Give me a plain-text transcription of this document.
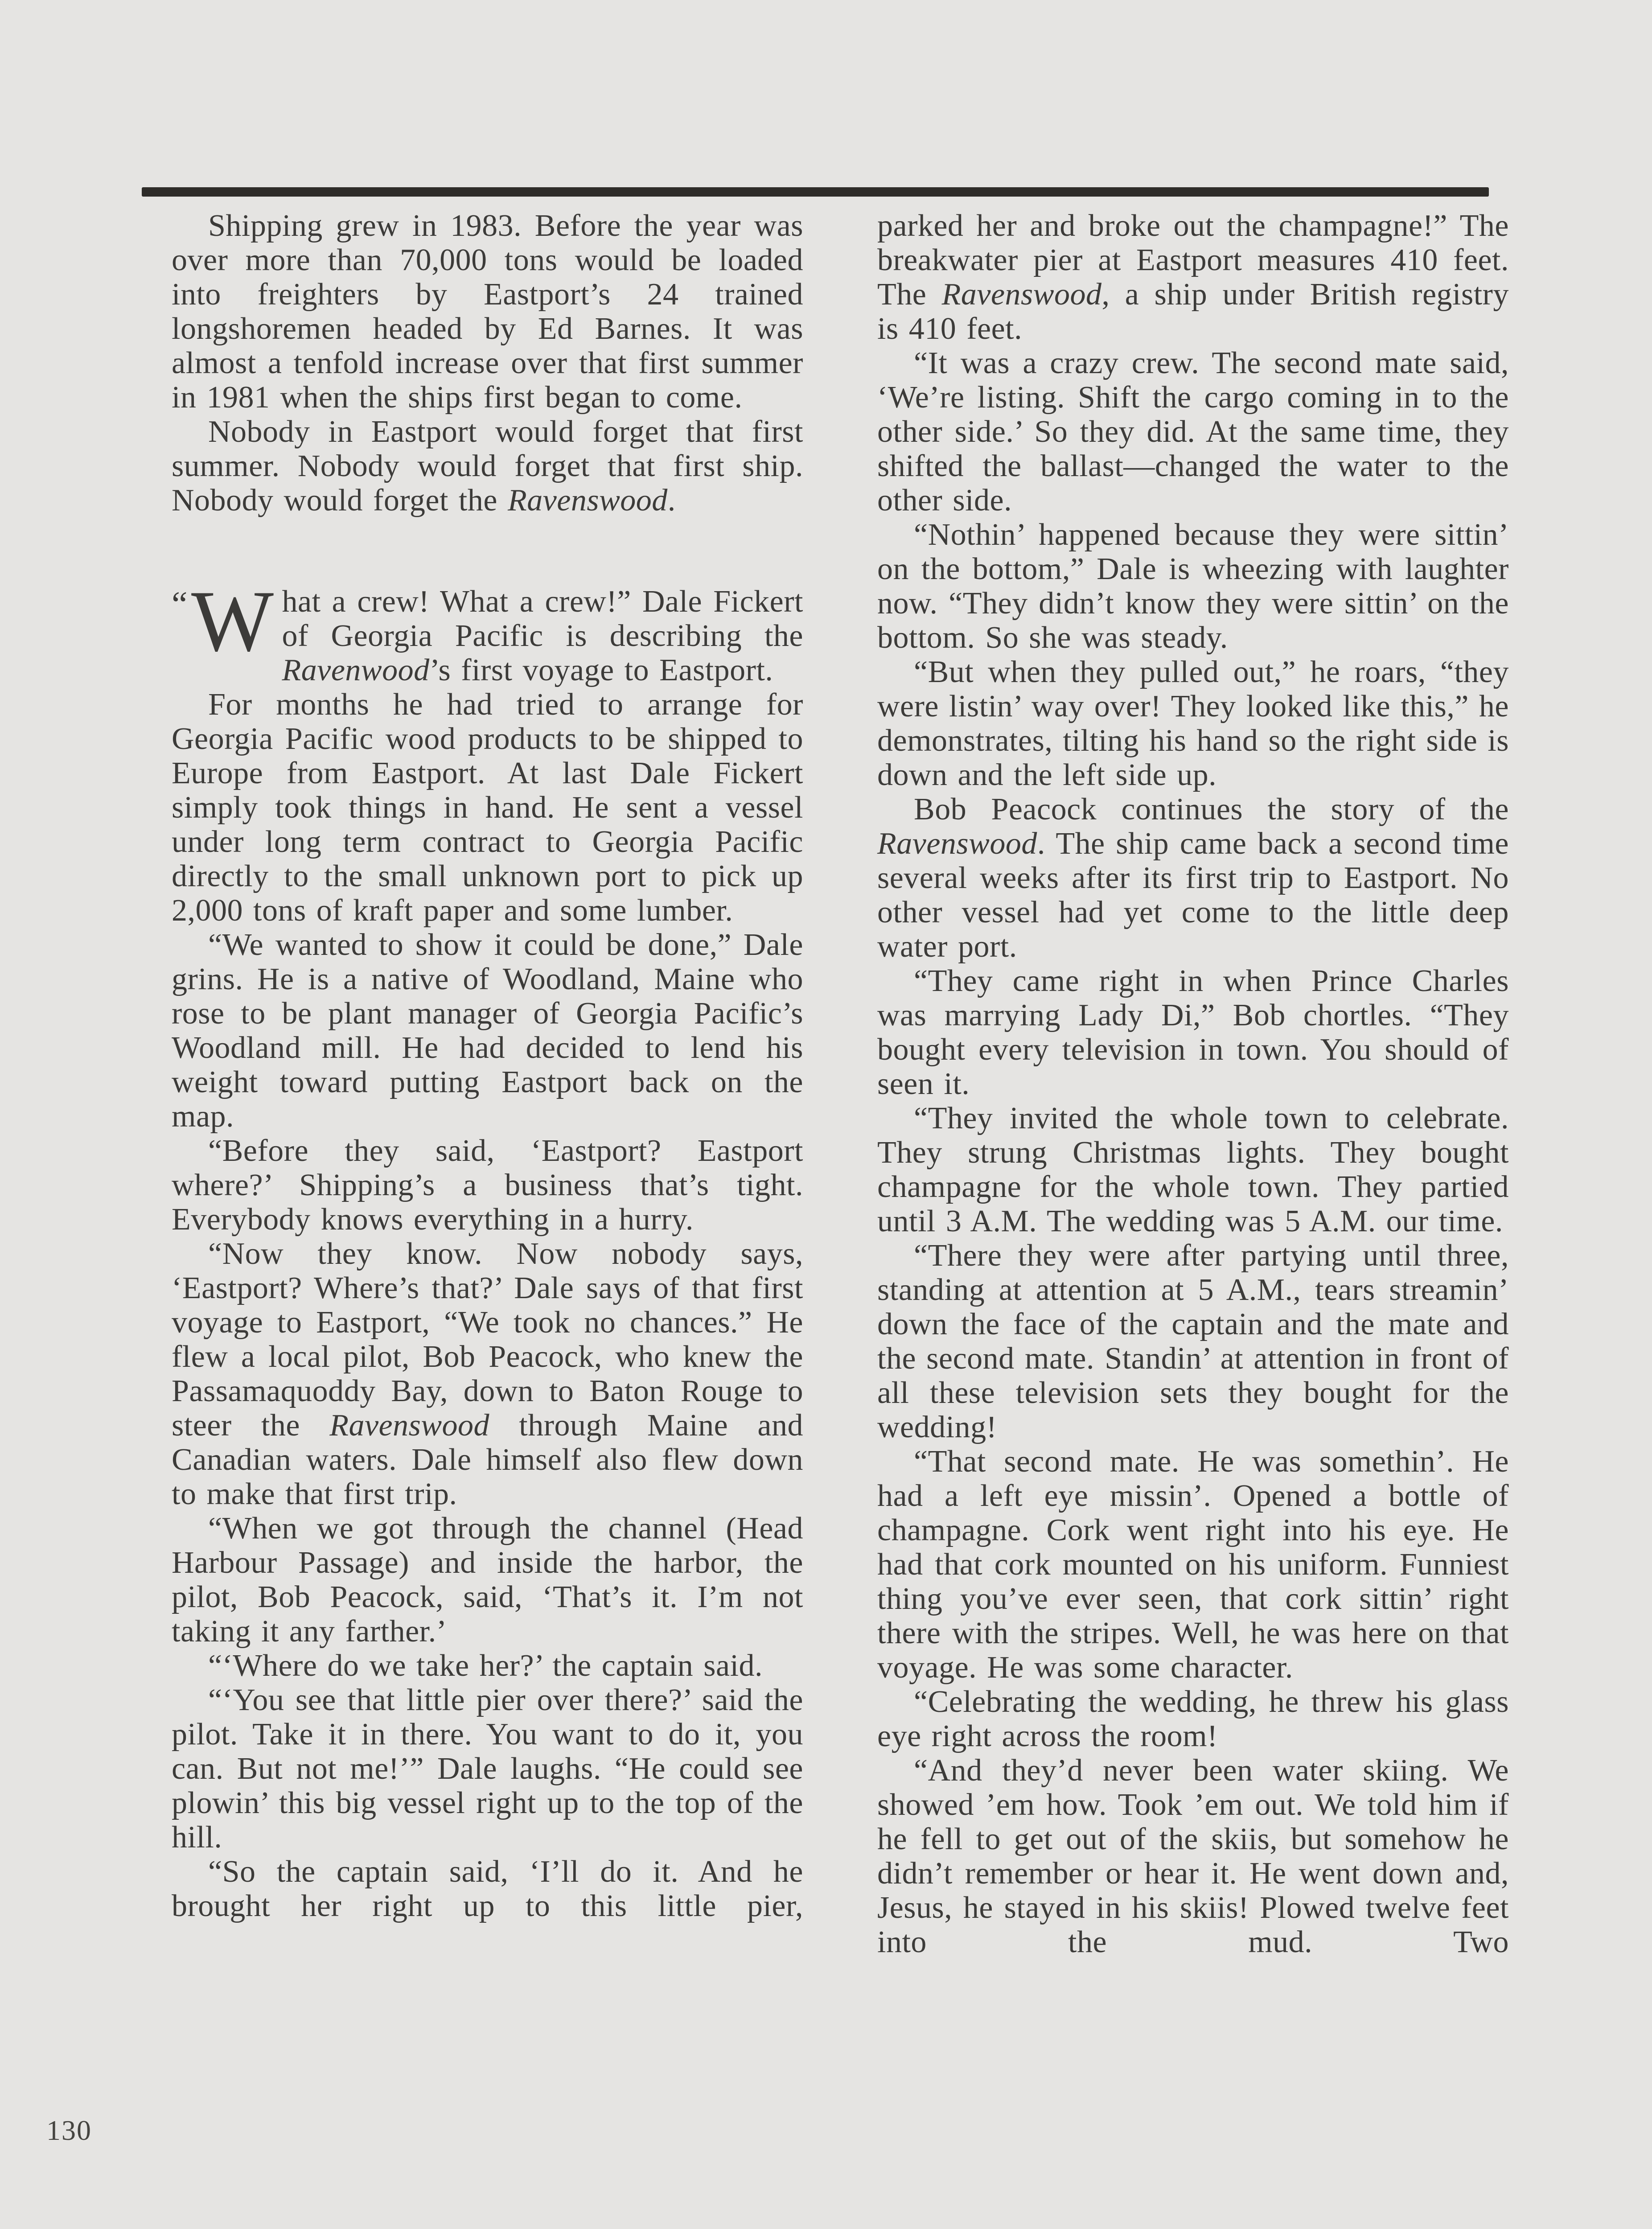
Shipping grew in 1983. Before the year was over more than 70,000 tons would be loaded into freighters by Eastport’s 24 trained longshoremen headed by Ed Barnes. It was almost a tenfold increase over that first summer in 1981 when the ships first began to come.

Nobody in Eastport would forget that first summer. Nobody would forget that first ship. Nobody would forget the Ravenswood.

“ W hat a crew! What a crew!” Dale Fickert of Georgia Pacific is describing the Ravenwood’s first voyage to Eastport.

For months he had tried to arrange for Georgia Pacific wood products to be shipped to Europe from Eastport. At last Dale Fickert simply took things in hand. He sent a vessel under long term contract to Georgia Pacific directly to the small unknown port to pick up 2,000 tons of kraft paper and some lumber.

“We wanted to show it could be done,” Dale grins. He is a native of Woodland, Maine who rose to be plant manager of Georgia Pacific’s Woodland mill. He had decided to lend his weight toward putting Eastport back on the map.

“Before they said, ‘Eastport? Eastport where?’ Shipping’s a business that’s tight. Everybody knows everything in a hurry.

“Now they know. Now nobody says, ‘Eastport? Where’s that?’ Dale says of that first voyage to Eastport, “We took no chances.” He flew a local pilot, Bob Peacock, who knew the Passamaquoddy Bay, down to Baton Rouge to steer the Ravenswood through Maine and Canadian waters. Dale himself also flew down to make that first trip.

“When we got through the channel (Head Harbour Passage) and inside the harbor, the pilot, Bob Peacock, said, ‘That’s it. I’m not taking it any farther.’

“‘Where do we take her?’ the captain said.

“‘You see that little pier over there?’ said the pilot. Take it in there. You want to do it, you can. But not me!’” Dale laughs. “He could see plowin’ this big vessel right up to the top of the hill.

“So the captain said, ‘I’ll do it. And he brought her right up to this little pier,

parked her and broke out the champagne!” The breakwater pier at Eastport measures 410 feet. The Ravenswood, a ship under British registry is 410 feet.

“It was a crazy crew. The second mate said, ‘We’re listing. Shift the cargo coming in to the other side.’ So they did. At the same time, they shifted the ballast—changed the water to the other side.

“Nothin’ happened because they were sittin’ on the bottom,” Dale is wheezing with laughter now. “They didn’t know they were sittin’ on the bottom. So she was steady.

“But when they pulled out,” he roars, “they were listin’ way over! They looked like this,” he demonstrates, tilting his hand so the right side is down and the left side up.

Bob Peacock continues the story of the Ravenswood. The ship came back a second time several weeks after its first trip to Eastport. No other vessel had yet come to the little deep water port.

“They came right in when Prince Charles was marrying Lady Di,” Bob chortles. “They bought every television in town. You should of seen it.

“They invited the whole town to celebrate. They strung Christmas lights. They bought champagne for the whole town. They partied until 3 A.M. The wedding was 5 A.M. our time.

“There they were after partying until three, standing at attention at 5 A.M., tears streamin’ down the face of the captain and the mate and the second mate. Standin’ at attention in front of all these television sets they bought for the wedding!

“That second mate. He was somethin’. He had a left eye missin’. Opened a bottle of champagne. Cork went right into his eye. He had that cork mounted on his uniform. Funniest thing you’ve ever seen, that cork sittin’ right there with the stripes. Well, he was here on that voyage. He was some character.

“Celebrating the wedding, he threw his glass eye right across the room!

“And they’d never been water skiing. We showed ’em how. Took ’em out. We told him if he fell to get out of the skiis, but somehow he didn’t remember or hear it. He went down and, Jesus, he stayed in his skiis! Plowed twelve feet into the mud. Two

130
